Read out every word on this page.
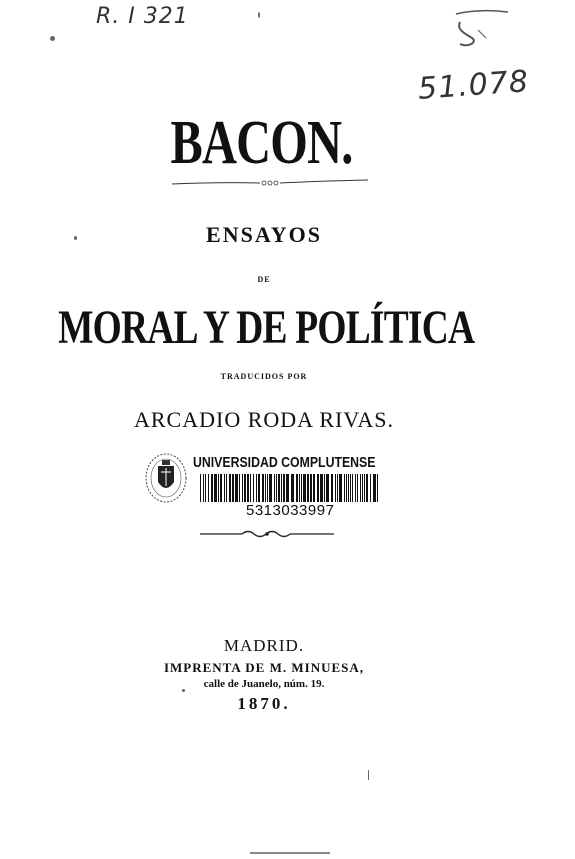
R. I 321
51.078
BACON.
ENSAYOS
DE
MORAL Y DE POLÍTICA
TRADUCIDOS POR
ARCADIO RODA RIVAS.
UNIVERSIDAD COMPLUTENSE
5313033997
MADRID.
IMPRENTA DE M. MINUESA,
calle de Juanelo, núm. 19.
1870.
